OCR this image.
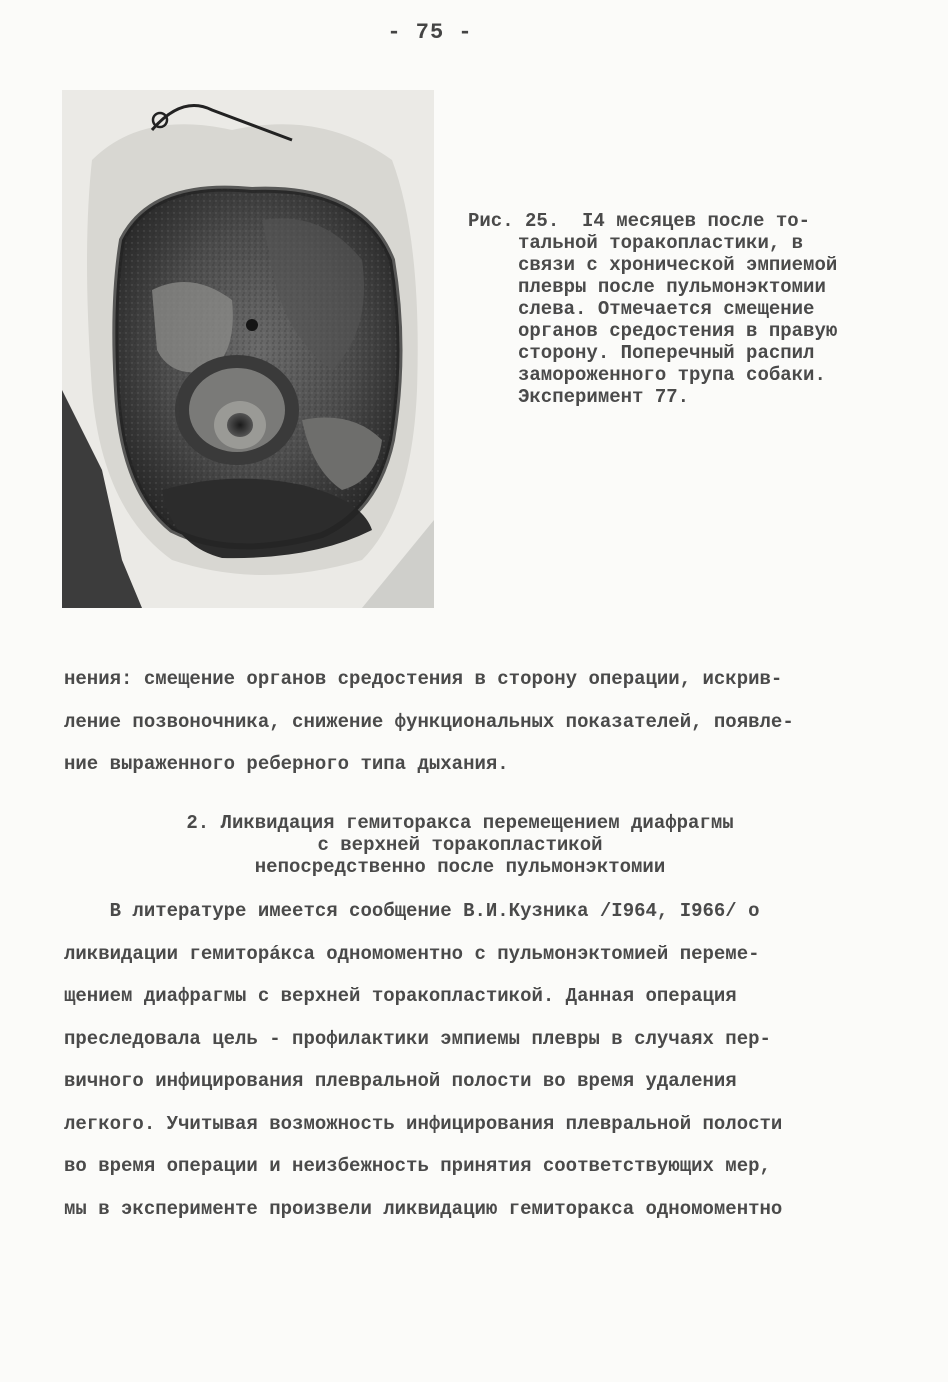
- 75 -
Рис. 25.  I4 месяцев после то-
тальной торакопластики, в
связи с хронической эмпиемой
плевры после пульмонэктомии
слева. Отмечается смещение
органов средостения в правую
сторону. Поперечный распил
замороженного трупа собаки.
Эксперимент 77.
нения: смещение органов средостения в сторону операции, искрив-
ление позвоночника, снижение функциональных показателей, появле-
ние выраженного реберного типа дыхания.
2. Ликвидация гемиторакса перемещением диафрагмы
с верхней торакопластикой
непосредственно после пульмонэктомии
В литературе имеется сообщение В.И.Кузника /I964, I966/ о
ликвидации гемиторáкса одномоментно с пульмонэктомией переме-
щением диафрагмы с верхней торакопластикой. Данная операция
преследовала цель - профилактики эмпиемы плевры в случаях пер-
вичного инфицирования плевральной полости во время удаления
легкого. Учитывая возможность инфицирования плевральной полости
во время операции и неизбежность принятия соответствующих мер,
мы в эксперименте произвели ликвидацию гемиторакса одномоментно
